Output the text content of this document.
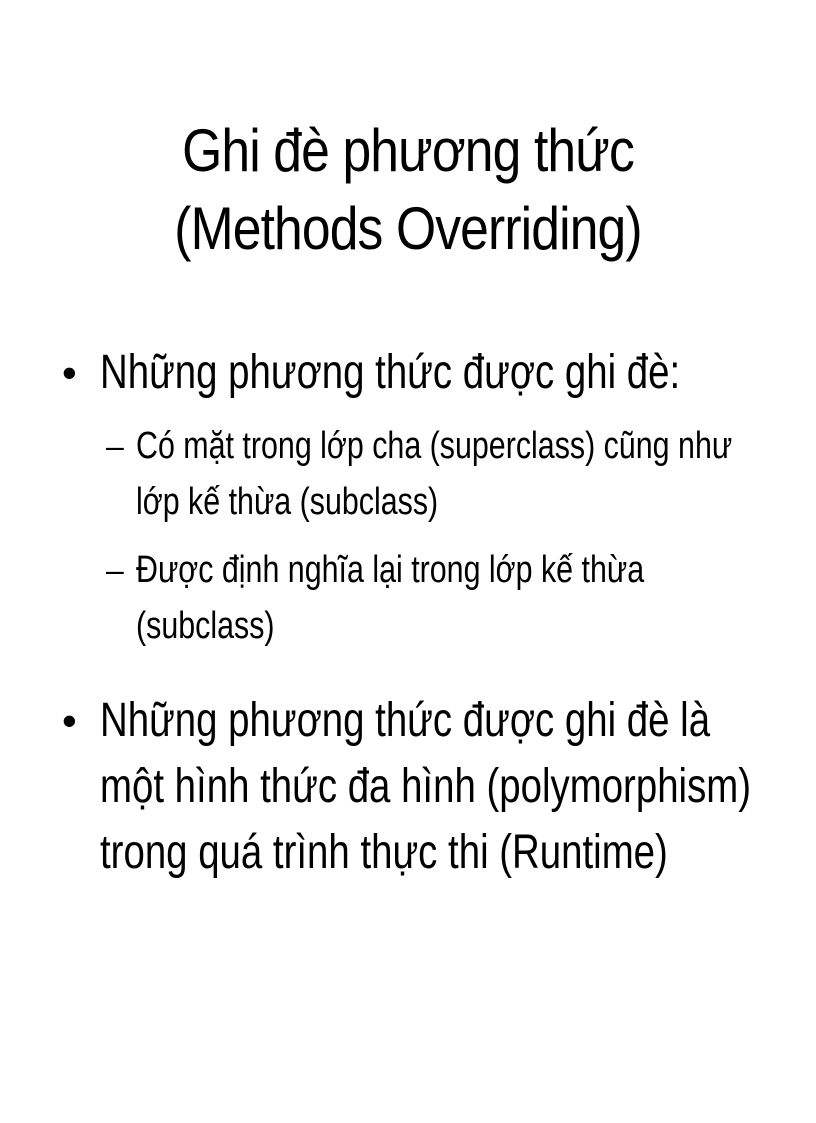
Ghi đè phương thức
(Methods Overriding)
• Những phương thức được ghi đè:
– Có mặt trong lớp cha (superclass) cũng như lớp kế thừa (subclass)
– Được định nghĩa lại trong lớp kế thừa (subclass)
• Những phương thức được ghi đè là một hình thức đa hình (polymorphism) trong quá trình thực thi (Runtime)
